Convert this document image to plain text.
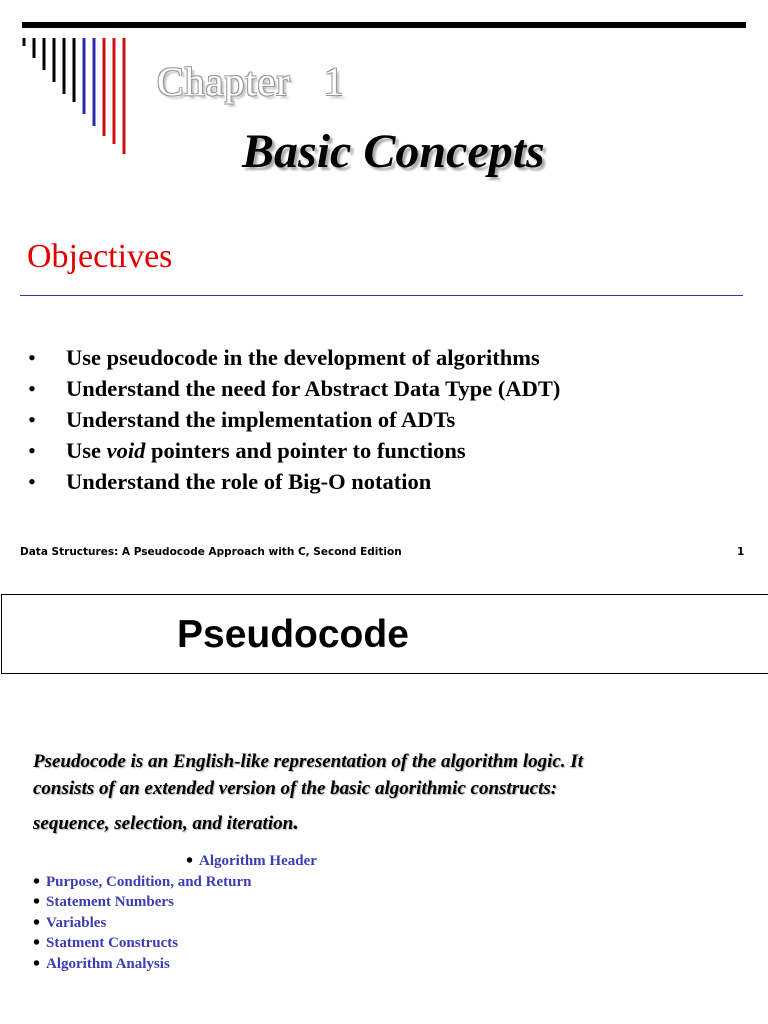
Chapter   1
Basic Concepts
Objectives
• Use pseudocode in the development of algorithms
• Understand the need for Abstract Data Type (ADT)
• Understand the implementation of ADTs
• Use void pointers and pointer to functions
• Understand the role of Big-O notation
Data Structures: A Pseudocode Approach with C, Second Edition	1
Pseudocode
Pseudocode is an English-like representation of the algorithm logic. It
consists of an extended version of the basic algorithmic constructs:

sequence, selection, and iteration.
• Algorithm Header
• Purpose, Condition, and Return
• Statement Numbers
• Variables
• Statment Constructs
• Algorithm Analysis
